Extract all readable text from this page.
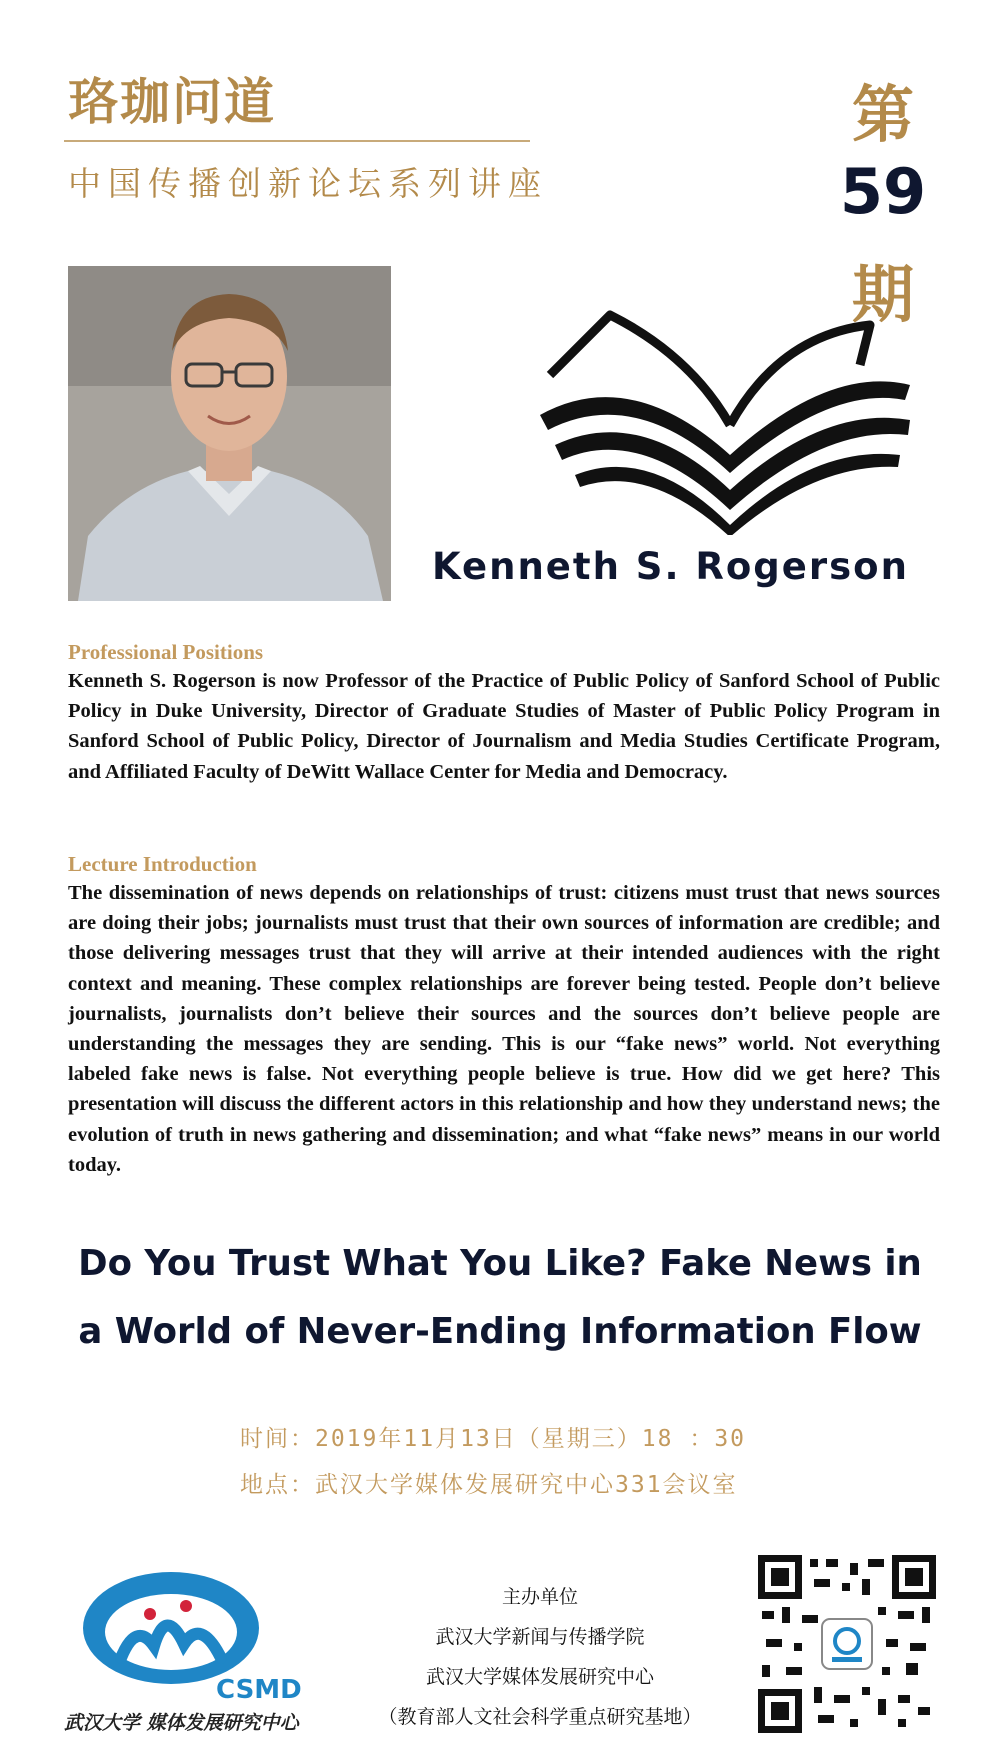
珞珈问道
中国传播创新论坛系列讲座
第
59
期
Kenneth S. Rogerson
Professional Positions
Kenneth S. Rogerson is now Professor of the Practice of Public Policy of Sanford School of Public Policy in Duke University, Director of Graduate Studies of Master of Public Policy Program in Sanford School of Public Policy, Director of Journalism and Media Studies Certificate Program, and Affiliated Faculty of DeWitt Wallace Center for Media and Democracy.
Lecture Introduction
The dissemination of news depends on relationships of trust: citizens must trust that news sources are doing their jobs; journalists must trust that their own sources of information are credible; and those delivering messages trust that they will arrive at their intended audiences with the right context and meaning. These complex relationships are forever being tested. People don’t believe journalists, journalists don’t believe their sources and the sources don’t believe people are understanding the messages they are sending. This is our “fake news” world. Not everything labeled fake news is false. Not everything people believe is true. How did we get here? This presentation will discuss the different actors in this relationship and how they understand news; the evolution of truth in news gathering and dissemination; and what “fake news” means in our world today.
Do You Trust What You Like? Fake News in
a World of Never-Ending Information Flow
时间：2019年11月13日（星期三）18 ：30
地点：武汉大学媒体发展研究中心331会议室
CSMD
武汉大学 媒体发展研究中心
主办单位
武汉大学新闻与传播学院
武汉大学媒体发展研究中心
（教育部人文社会科学重点研究基地）
